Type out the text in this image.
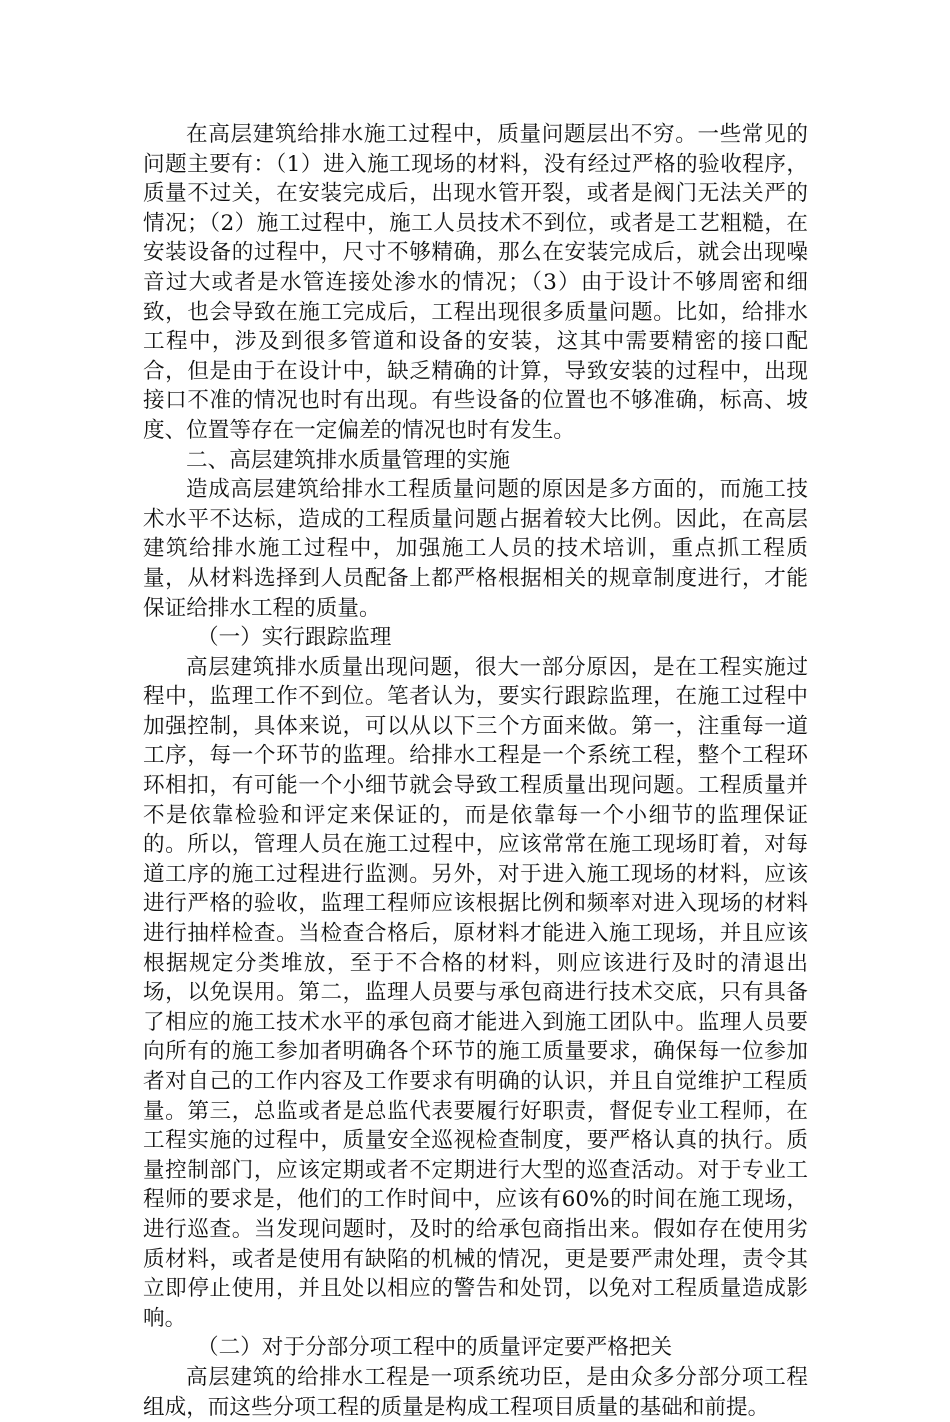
在高层建筑给排水施工过程中，质量问题层出不穷。一些常见的问题主要有：（1）进入施工现场的材料，没有经过严格的验收程序，质量不过关，在安装完成后，出现水管开裂，或者是阀门无法关严的情况；（2）施工过程中，施工人员技术不到位，或者是工艺粗糙，在安装设备的过程中，尺寸不够精确，那么在安装完成后，就会出现噪音过大或者是水管连接处渗水的情况；（3）由于设计不够周密和细致，也会导致在施工完成后，工程出现很多质量问题。比如，给排水工程中，涉及到很多管道和设备的安装，这其中需要精密的接口配合，但是由于在设计中，缺乏精确的计算，导致安装的过程中，出现接口不准的情况也时有出现。有些设备的位置也不够准确，标高、坡度、位置等存在一定偏差的情况也时有发生。

二、高层建筑排水质量管理的实施

造成高层建筑给排水工程质量问题的原因是多方面的，而施工技术水平不达标，造成的工程质量问题占据着较大比例。因此，在高层建筑给排水施工过程中，加强施工人员的技术培训，重点抓工程质量，从材料选择到人员配备上都严格根据相关的规章制度进行，才能保证给排水工程的质量。

（一）实行跟踪监理

高层建筑排水质量出现问题，很大一部分原因，是在工程实施过程中，监理工作不到位。笔者认为，要实行跟踪监理，在施工过程中加强控制，具体来说，可以从以下三个方面来做。第一，注重每一道工序，每一个环节的监理。给排水工程是一个系统工程，整个工程环环相扣，有可能一个小细节就会导致工程质量出现问题。工程质量并不是依靠检验和评定来保证的，而是依靠每一个小细节的监理保证的。所以，管理人员在施工过程中，应该常常在施工现场盯着，对每道工序的施工过程进行监测。另外，对于进入施工现场的材料，应该进行严格的验收，监理工程师应该根据比例和频率对进入现场的材料进行抽样检查。当检查合格后，原材料才能进入施工现场，并且应该根据规定分类堆放，至于不合格的材料，则应该进行及时的清退出场，以免误用。第二，监理人员要与承包商进行技术交底，只有具备了相应的施工技术水平的承包商才能进入到施工团队中。监理人员要向所有的施工参加者明确各个环节的施工质量要求，确保每一位参加者对自己的工作内容及工作要求有明确的认识，并且自觉维护工程质量。第三，总监或者是总监代表要履行好职责，督促专业工程师，在工程实施的过程中，质量安全巡视检查制度，要严格认真的执行。质量控制部门，应该定期或者不定期进行大型的巡查活动。对于专业工程师的要求是，他们的工作时间中，应该有60%的时间在施工现场，进行巡查。当发现问题时，及时的给承包商指出来。假如存在使用劣质材料，或者是使用有缺陷的机械的情况，更是要严肃处理，责令其立即停止使用，并且处以相应的警告和处罚，以免对工程质量造成影响。

（二）对于分部分项工程中的质量评定要严格把关

高层建筑的给排水工程是一项系统功臣，是由众多分部分项工程组成，而这些分项工程的质量是构成工程项目质量的基础和前提。
